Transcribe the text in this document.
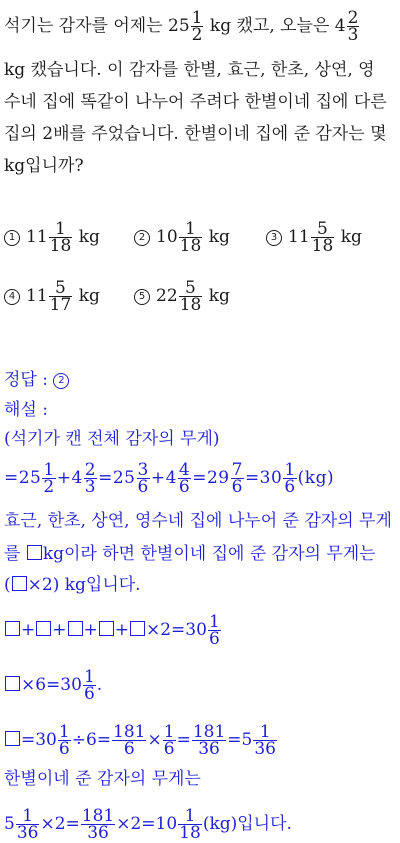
석기는 감자를 어제는 $25 \frac{1}{2}$ kg 캤고, 오늘은 $4 \frac{2}{3}$
kg 캤습니다. 이 감자를 한별, 효근, 한초, 상연, 영
수네 집에 똑같이 나누어 주려다 한별이네 집에 다른
집의 2배를 주었습니다. 한별이네 집에 준 감자는 몇
kg입니까?
1 $11 \frac{1}{18}$ kg	2 $10 \frac{1}{18}$ kg	3 $11 \frac{5}{18}$ kg
4 $11 \frac{5}{17}$ kg	5 $22 \frac{5}{18}$ kg
정답 : 2
해설 :
(석기가 캔 전체 감자의 무게)
$=25 \frac{1}{2} +4 \frac{2}{3} =25 \frac{3}{6} +4 \frac{4}{6} =29 \frac{7}{6} =30 \frac{1}{6} (kg)$
효근, 한초, 상연, 영수네 집에 나누어 준 감자의 무게
를 kg이라 하면 한별이네 집에 준 감자의 무게는
( ×2) kg입니다.
+ + + + $\times 2=30 \frac{1}{6}$
$\times 6=30 \frac{1}{6}$ .
$=30 \frac{1}{6} \div 6= \frac{181}{6} \times \frac{1}{6} = \frac{181}{36} =5 \frac{1}{36}$
한별이네 준 감자의 무게는
$5 \frac{1}{36} \times 2= \frac{181}{36} \times 2=10 \frac{1}{18} (kg)$입니다.
